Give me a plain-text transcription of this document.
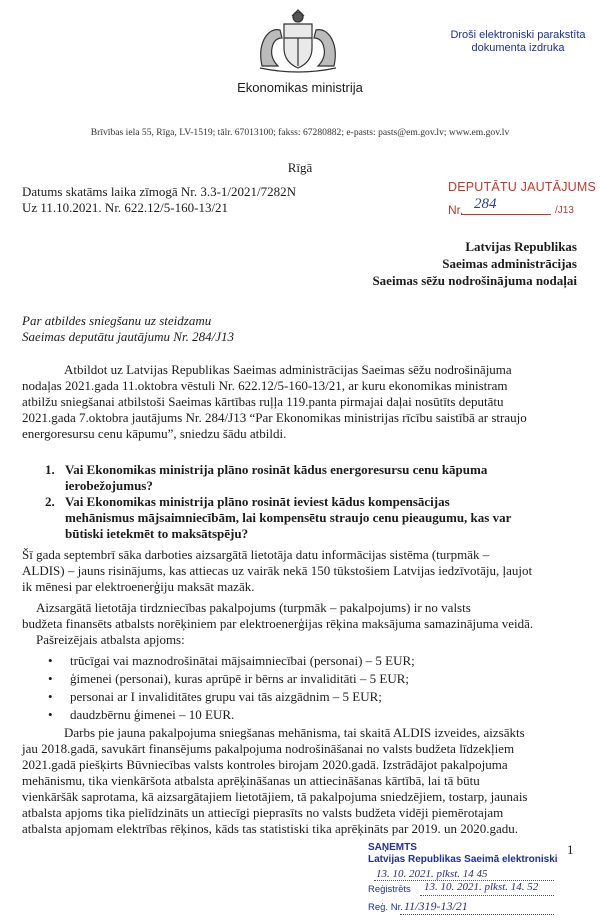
Ekonomikas ministrija
Droši elektroniski parakstīta
dokumenta izdruka
Brīvības iela 55, Rīga, LV-1519; tālr. 67013100; fakss: 67280882; e-pasts: pasts@em.gov.lv; www.em.gov.lv
Rīgā
Datums skatāms laika zīmogā Nr. 3.3-1/2021/7282N
Uz 11.10.2021. Nr. 622.12/5-160-13/21
DEPUTĀTU JAUTĀJUMS
Nr. 284	/J13
Latvijas Republikas
Saeimas administrācijas
Saeimas sēžu nodrošinājuma nodaļai
Par atbildes sniegšanu uz steidzamu
Saeimas deputātu jautājumu Nr. 284/J13
Atbildot uz Latvijas Republikas Saeimas administrācijas Saeimas sēžu nodrošinājuma
nodaļas 2021.gada 11.oktobra vēstuli Nr. 622.12/5-160-13/21, ar kuru ekonomikas ministram
atbilžu sniegšanai atbilstoši Saeimas kārtības ruļļa 119.panta pirmajai daļai nosūtīts deputātu
2021.gada 7.oktobra jautājums Nr. 284/J13 “Par Ekonomikas ministrijas rīcību saistībā ar straujo
energoresursu cenu kāpumu”, sniedzu šādu atbildi.
1. Vai Ekonomikas ministrija plāno rosināt kādus energoresursu cenu kāpuma
ierobežojumus?
2. Vai Ekonomikas ministrija plāno rosināt ieviest kādus kompensācijas
mehānismus mājsaimniecībām, lai kompensētu straujo cenu pieaugumu, kas var
būtiski ietekmēt to maksātspēju?
Šī gada septembrī sāka darboties aizsargātā lietotāja datu informācijas sistēma (turpmāk –
ALDIS) – jauns risinājums, kas attiecas uz vairāk nekā 150 tūkstošiem Latvijas iedzīvotāju, ļaujot
ik mēnesi par elektroenerģiju maksāt mazāk.
Aizsargātā lietotāja tirdzniecības pakalpojums (turpmāk – pakalpojums) ir no valsts
budžeta finansēts atbalsts norēķiniem par elektroenerģijas rēķina maksājuma samazinājuma veidā.
Pašreizējais atbalsta apjoms:
• trūcīgai vai maznodrošinātai mājsaimniecībai (personai) – 5 EUR;
• ģimenei (personai), kuras aprūpē ir bērns ar invaliditāti – 5 EUR;
• personai ar I invaliditātes grupu vai tās aizgādnim – 5 EUR;
• daudzbērnu ģimenei – 10 EUR.
Darbs pie jauna pakalpojuma sniegšanas mehānisma, tai skaitā ALDIS izveides, aizsākts
jau 2018.gadā, savukārt finansējums pakalpojuma nodrošināšanai no valsts budžeta līdzekļiem
2021.gadā piešķirts Būvniecības valsts kontroles birojam 2020.gadā. Izstrādājot pakalpojuma
mehānismu, tika vienkāršota atbalsta aprēķināšanas un attiecināšanas kārtībā, lai tā būtu
vienkāršāk saprotama, kā aizsargātajiem lietotājiem, tā pakalpojuma sniedzējiem, tostarp, jaunais
atbalsta apjoms tika pielīdzināts un attiecīgi pieprasīts no valsts budžeta vidēji piemērotajam
atbalsta apjomam elektrības rēķinos, kāds tas statistiski tika aprēķināts par 2019. un 2020.gadu.
1
SAŅEMTS
Latvijas Republikas Saeimā elektroniski
13. 10. 2021. plkst. 14 45
Reģistrēts 13. 10. 2021. plkst. 14. 52
Reģ. Nr. 11/319-13/21
